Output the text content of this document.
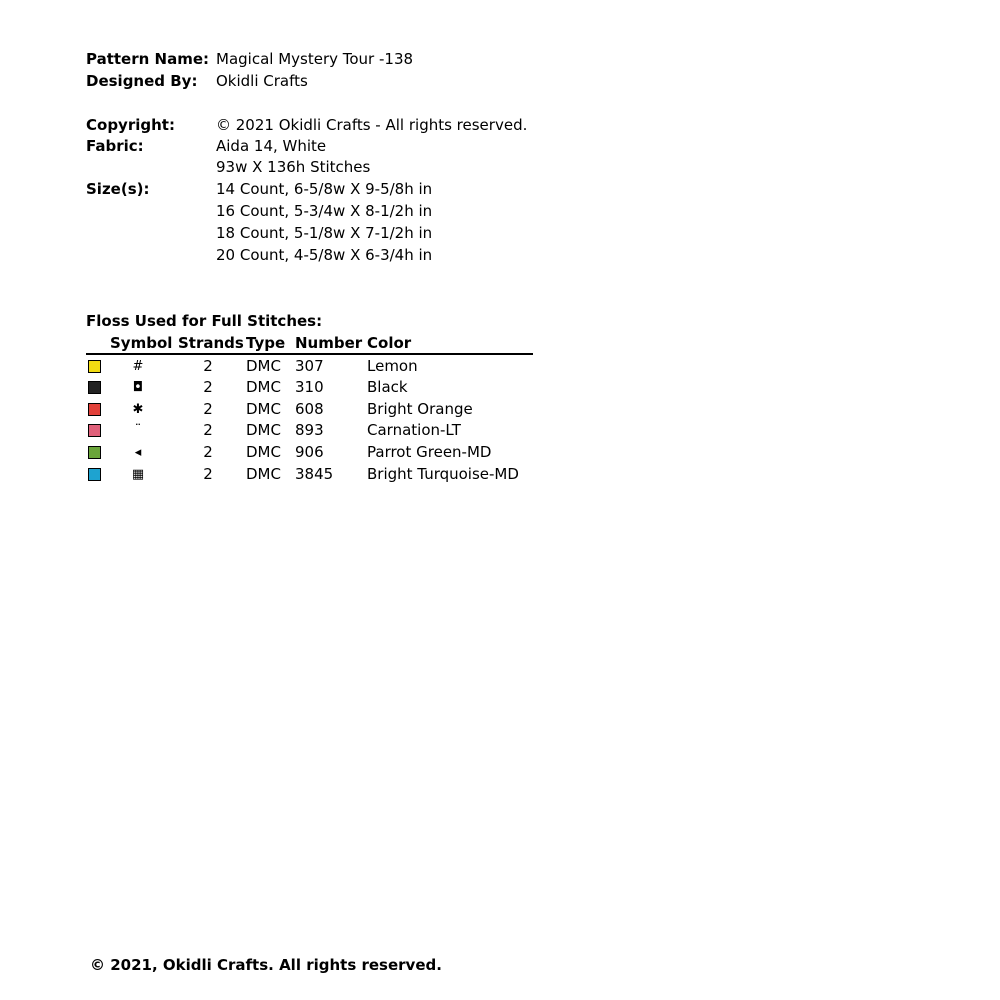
Pattern Name: Magical Mystery Tour -138
Designed By: Okidli Crafts
Copyright:	© 2021 Okidli Crafts - All rights reserved.
Fabric:	Aida 14, White
93w X 136h Stitches
Size(s):	14 Count, 6-5/8w X 9-5/8h in
16 Count, 5-3/4w X 8-1/2h in
18 Count, 5-1/8w X 7-1/2h in
20 Count, 4-5/8w X 6-3/4h in
Floss Used for Full Stitches:
Symbol Strands Type Number Color
#	2	DMC 307	Lemon
◘	2	DMC 310	Black
✱	2	DMC 608	Bright Orange
¨	2	DMC 893	Carnation-LT
◂	2	DMC 906	Parrot Green-MD
▦	2	DMC 3845 Bright Turquoise-MD
© 2021, Okidli Crafts. All rights reserved.
